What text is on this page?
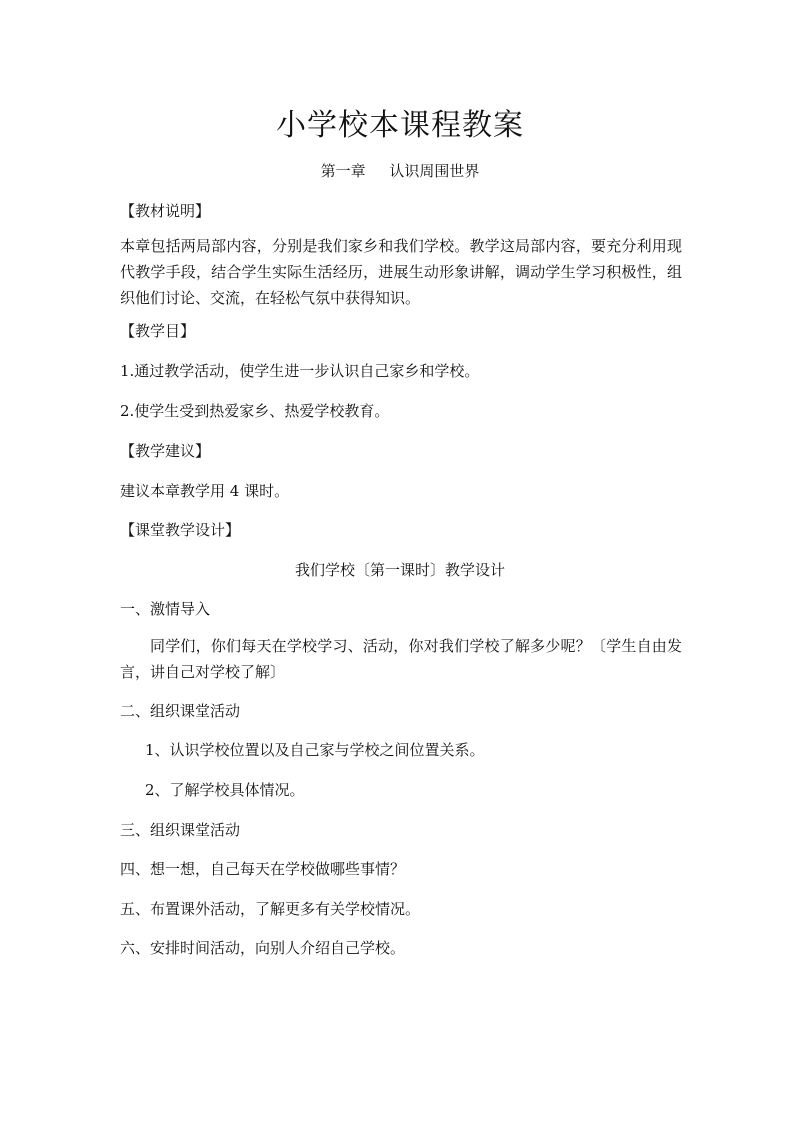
小学校本课程教案
第一章     认识周围世界
【教材说明】

本章包括两局部内容，分别是我们家乡和我们学校。教学这局部内容，要充分利用现代教学手段，结合学生实际生活经历，进展生动形象讲解，调动学生学习积极性，组织他们讨论、交流，在轻松气氛中获得知识。

【教学目】
1.通过教学活动，使学生进一步认识自己家乡和学校。
2.使学生受到热爱家乡、热爱学校教育。
【教学建议】
建议本章教学用 4 课时。
【课堂教学设计】
我们学校〔第一课时〕教学设计
一、激情导入

同学们，你们每天在学校学习、活动，你对我们学校了解多少呢？〔学生自由发言，讲自己对学校了解〕

二、组织课堂活动
1、认识学校位置以及自己家与学校之间位置关系。
2、了解学校具体情况。
三、组织课堂活动
四、想一想，自己每天在学校做哪些事情？
五、布置课外活动，了解更多有关学校情况。
六、安排时间活动，向别人介绍自己学校。
